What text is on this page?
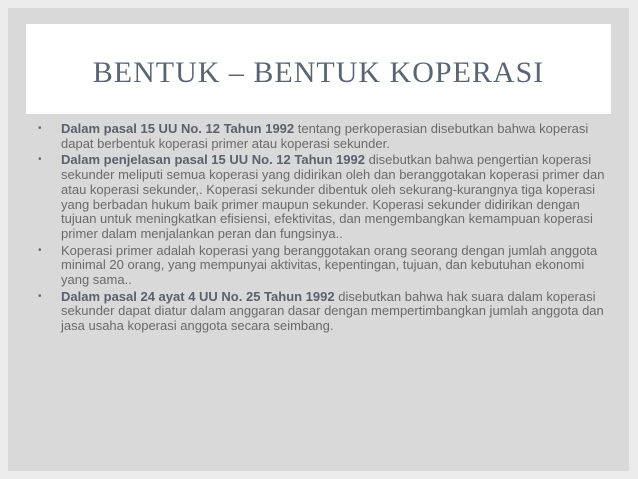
BENTUK – BENTUK KOPERASI
• Dalam pasal 15 UU No. 12 Tahun 1992 tentang perkoperasian disebutkan bahwa koperasi dapat berbentuk koperasi primer atau koperasi sekunder.
• Dalam penjelasan pasal 15 UU No. 12 Tahun 1992 disebutkan bahwa pengertian koperasi sekunder meliputi semua koperasi yang didirikan oleh dan beranggotakan koperasi primer dan atau koperasi sekunder,. Koperasi sekunder dibentuk oleh sekurang-kurangnya tiga koperasi yang berbadan hukum baik primer maupun sekunder. Koperasi sekunder didirikan dengan tujuan untuk meningkatkan efisiensi, efektivitas, dan mengembangkan kemampuan koperasi primer dalam menjalankan peran dan fungsinya..
• Koperasi primer adalah koperasi yang beranggotakan orang seorang dengan jumlah anggota minimal 20 orang, yang mempunyai aktivitas, kepentingan, tujuan, dan kebutuhan ekonomi yang sama..
• Dalam pasal 24 ayat 4 UU No. 25 Tahun 1992 disebutkan bahwa hak suara dalam koperasi sekunder dapat diatur dalam anggaran dasar dengan mempertimbangkan jumlah anggota dan jasa usaha koperasi anggota secara seimbang.
